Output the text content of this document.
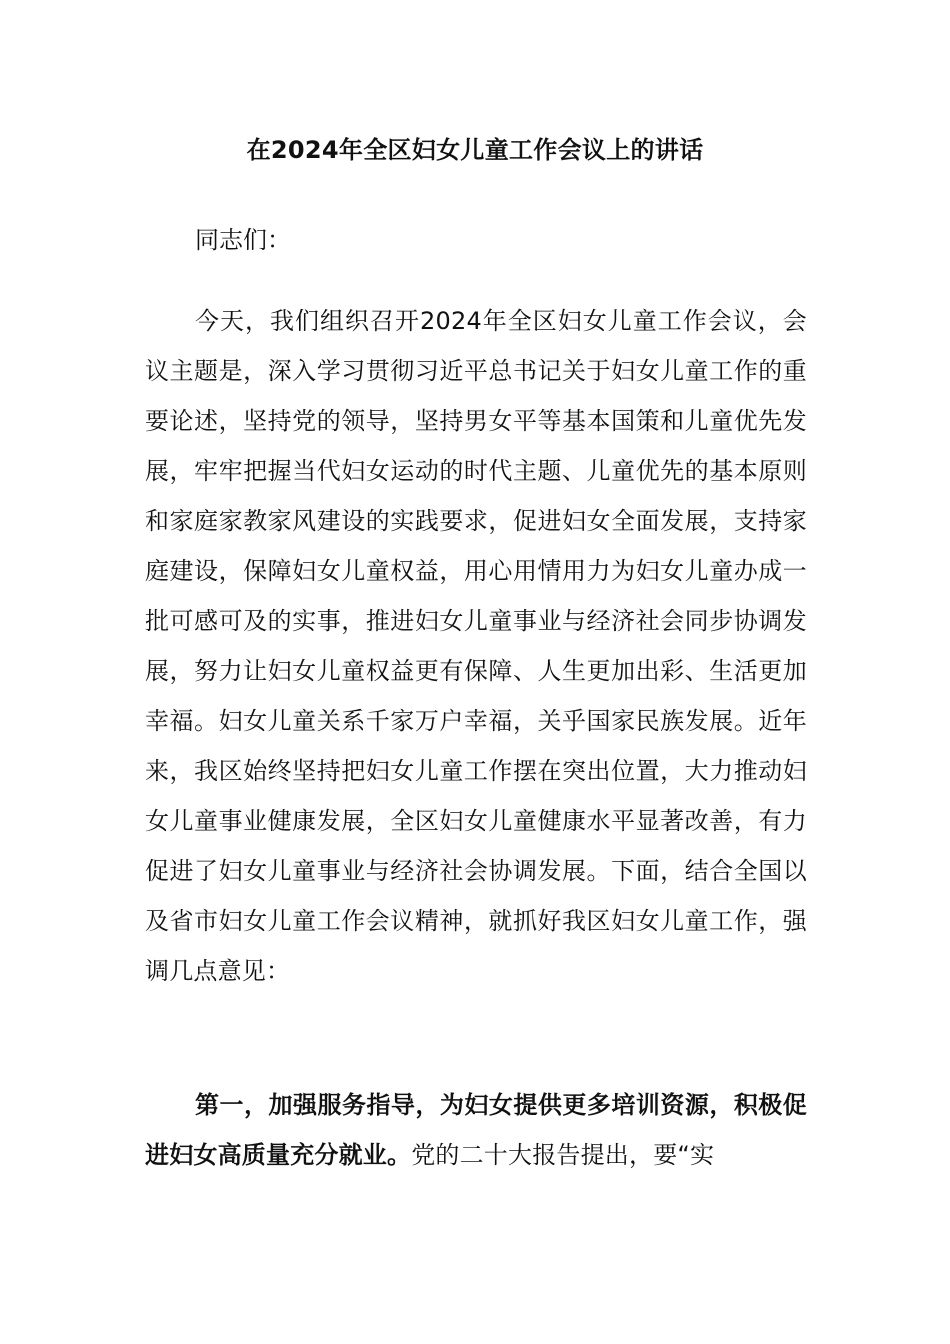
在2024年全区妇女儿童工作会议上的讲话
同志们：

今天，我们组织召开2024年全区妇女儿童工作会议，会议主题是，深入学习贯彻习近平总书记关于妇女儿童工作的重要论述，坚持党的领导，坚持男女平等基本国策和儿童优先发展，牢牢把握当代妇女运动的时代主题、儿童优先的基本原则和家庭家教家风建设的实践要求，促进妇女全面发展，支持家庭建设，保障妇女儿童权益，用心用情用力为妇女儿童办成一批可感可及的实事，推进妇女儿童事业与经济社会同步协调发展，努力让妇女儿童权益更有保障、人生更加出彩、生活更加幸福。妇女儿童关系千家万户幸福，关乎国家民族发展。近年来，我区始终坚持把妇女儿童工作摆在突出位置，大力推动妇女儿童事业健康发展，全区妇女儿童健康水平显著改善，有力促进了妇女儿童事业与经济社会协调发展。下面，结合全国以及省市妇女儿童工作会议精神，就抓好我区妇女儿童工作，强调几点意见：

第一，加强服务指导，为妇女提供更多培训资源，积极促进妇女高质量充分就业。党的二十大报告提出，要“实
